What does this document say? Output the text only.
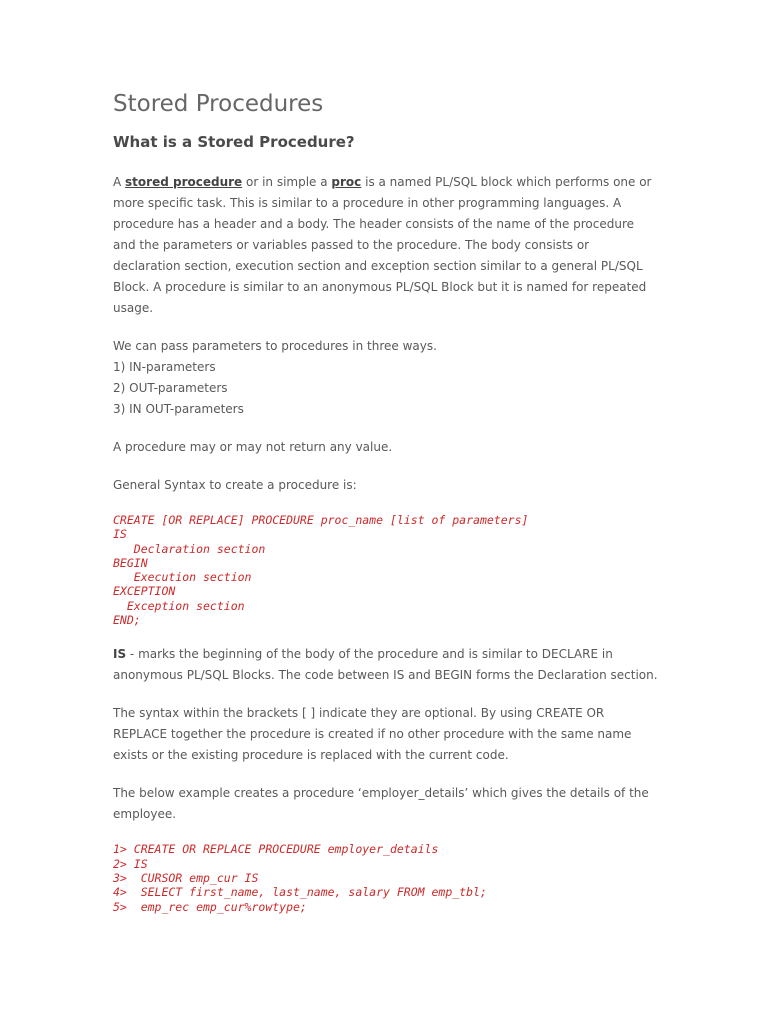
Stored Procedures
What is a Stored Procedure?

A stored procedure or in simple a proc is a named PL/SQL block which performs one or more specific task. This is similar to a procedure in other programming languages. A procedure has a header and a body. The header consists of the name of the procedure and the parameters or variables passed to the procedure. The body consists or declaration section, execution section and exception section similar to a general PL/SQL Block. A procedure is similar to an anonymous PL/SQL Block but it is named for repeated usage.

We can pass parameters to procedures in three ways.
1) IN-parameters
2) OUT-parameters
3) IN OUT-parameters

A procedure may or may not return any value.

General Syntax to create a procedure is:

CREATE [OR REPLACE] PROCEDURE proc_name [list of parameters]
IS
Declaration section
BEGIN
Execution section
EXCEPTION
Exception section
END;

IS - marks the beginning of the body of the procedure and is similar to DECLARE in anonymous PL/SQL Blocks. The code between IS and BEGIN forms the Declaration section.

The syntax within the brackets [ ] indicate they are optional. By using CREATE OR REPLACE together the procedure is created if no other procedure with the same name exists or the existing procedure is replaced with the current code.

The below example creates a procedure ‘employer_details’ which gives the details of the employee.

1> CREATE OR REPLACE PROCEDURE employer_details
2> IS
3>  CURSOR emp_cur IS
4>  SELECT first_name, last_name, salary FROM emp_tbl;
5>  emp_rec emp_cur%rowtype;
